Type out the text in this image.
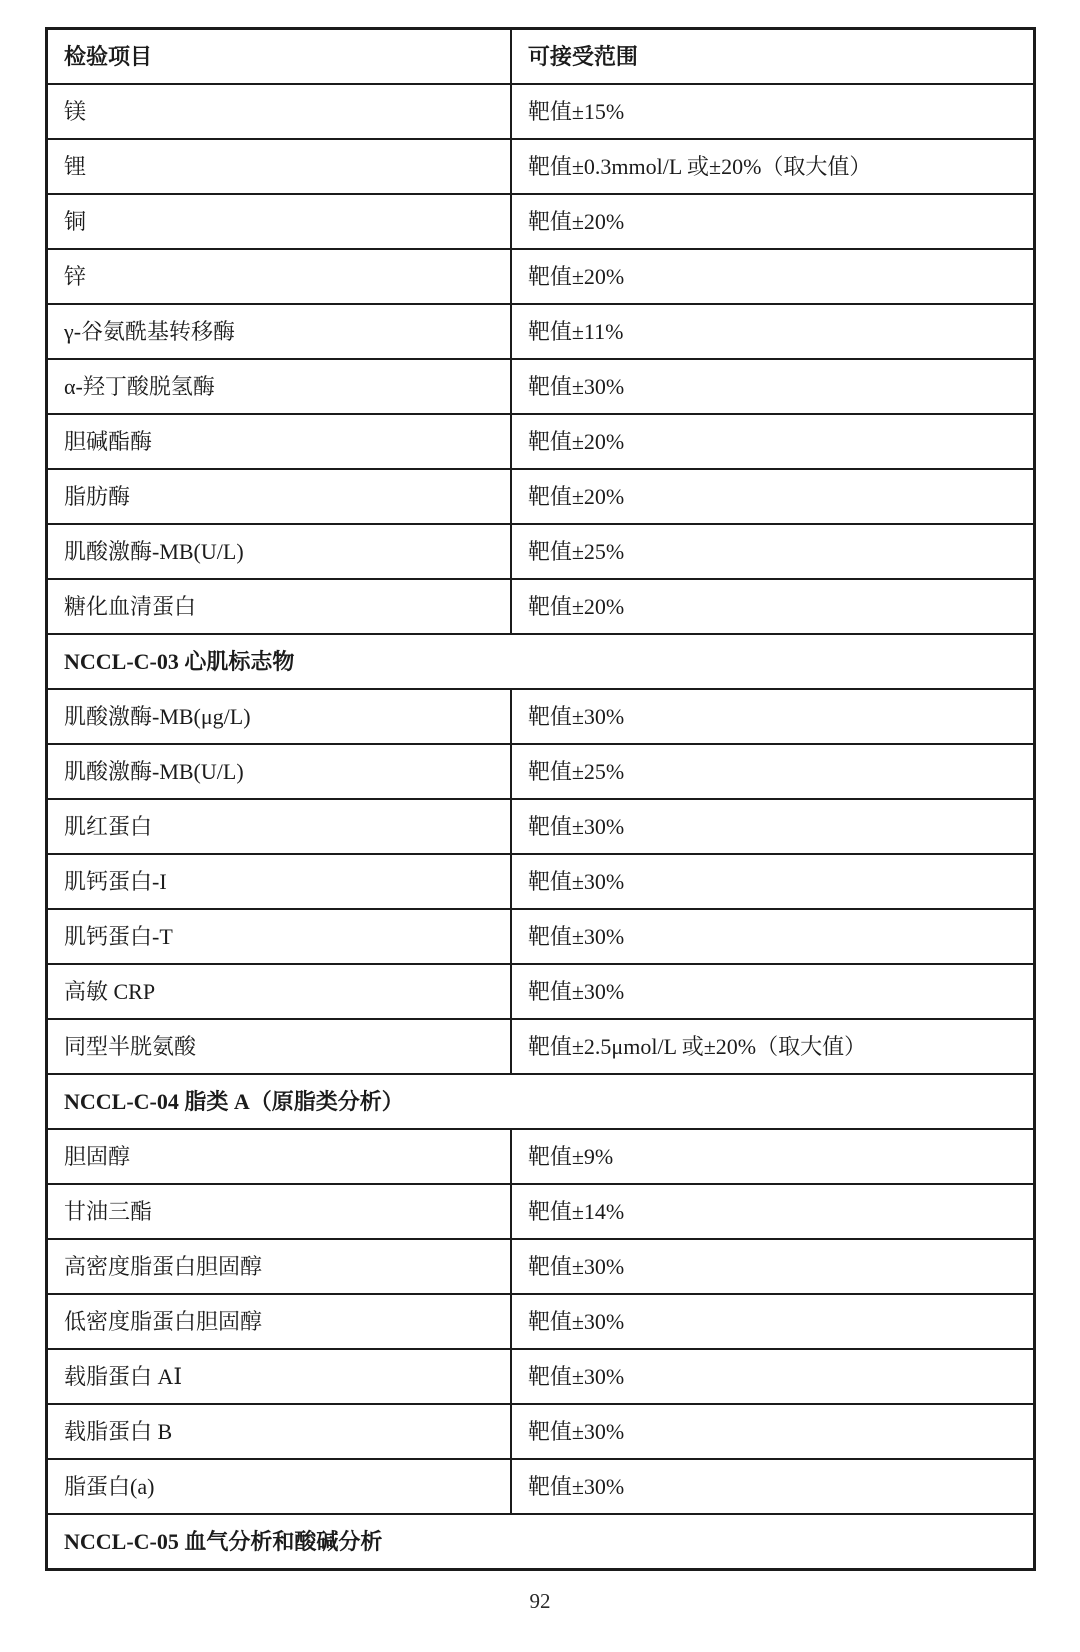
检验项目	可接受范围
镁	靶值±15%
锂	靶值±0.3mmol/L 或±20%（取大值）
铜	靶值±20%
锌	靶值±20%
γ-谷氨酰基转移酶	靶值±11%
α-羟丁酸脱氢酶	靶值±30%
胆碱酯酶	靶值±20%
脂肪酶	靶值±20%
肌酸激酶-MB(U/L)	靶值±25%
糖化血清蛋白	靶值±20%
NCCL-C-03 心肌标志物	
肌酸激酶-MB(μg/L)	靶值±30%
肌酸激酶-MB(U/L)	靶值±25%
肌红蛋白	靶值±30%
肌钙蛋白-I	靶值±30%
肌钙蛋白-T	靶值±30%
高敏 CRP	靶值±30%
同型半胱氨酸	靶值±2.5μmol/L 或±20%（取大值）
NCCL-C-04 脂类 A（原脂类分析）	
胆固醇	靶值±9%
甘油三酯	靶值±14%
高密度脂蛋白胆固醇	靶值±30%
低密度脂蛋白胆固醇	靶值±30%
载脂蛋白 AⅠ	靶值±30%
载脂蛋白 B	靶值±30%
脂蛋白(a)	靶值±30%
NCCL-C-05 血气分析和酸碱分析	
92
